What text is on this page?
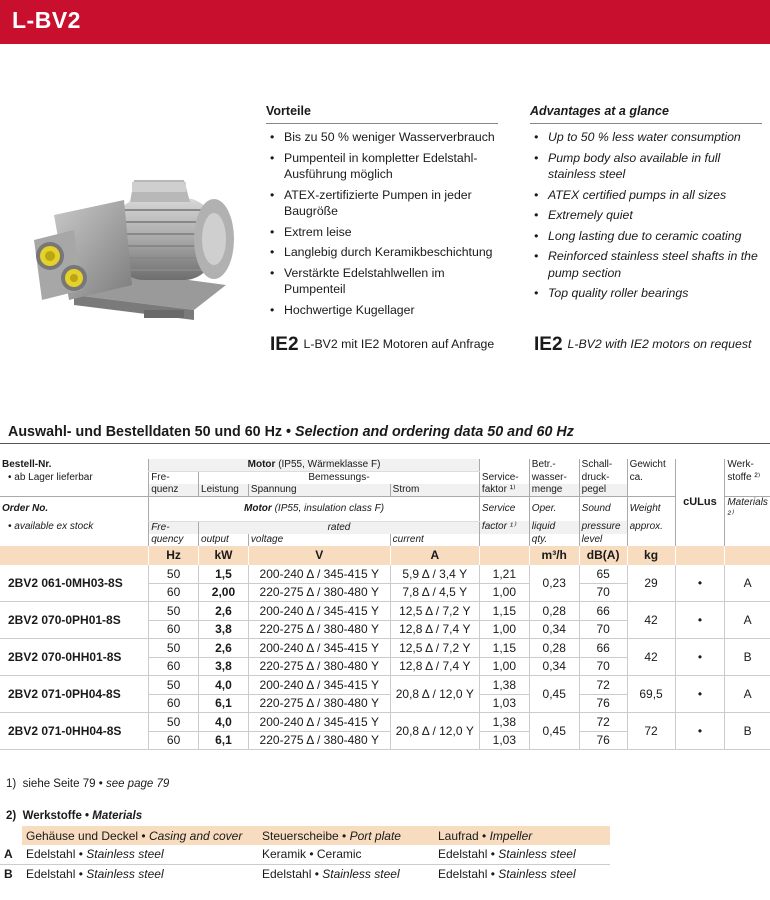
L-BV2
Vorteile
• Bis zu 50 % weniger Wasserverbrauch
• Pumpenteil in kompletter Edelstahl-Ausführung möglich
• ATEX-zertifizierte Pumpen in jeder Baugröße
• Extrem leise
• Langlebig durch Keramikbeschichtung
• Verstärkte Edelstahlwellen im Pumpenteil
• Hochwertige Kugellager
Advantages at a glance
• Up to 50 % less water consumption
• Pump body also available in full stainless steel
• ATEX certified pumps in all sizes
• Extremely quiet
• Long lasting due to ceramic coating
• Reinforced stainless steel shafts in the pump section
• Top quality roller bearings
IE2 L-BV2 mit IE2 Motoren auf Anfrage IE2 L-BV2 with IE2 motors on request
Auswahl- und Bestelldaten 50 und 60 Hz • Selection and ordering data 50 and 60 Hz
Bestell-Nr.	Motor (IP55, Wärmeklasse F)					Betr.-	Schall-	Gewicht		Werk-
• ab Lager lieferbar	Fre-	Bemessungs-			Service-	wasser-	druck-	ca.		stoffe ²⁾
	quenz	Leistung	Spannung	Strom	faktor ¹⁾	menge	pegel		cULus	
Order No.	Motor (IP55, insulation class F)				Service	Oper.	Sound	Weight		Materials ²⁾
• available ex stock	Fre-	rated			factor ¹⁾	liquid	pressure	approx.		
	quency	output	voltage	current		qty.	level			
	Hz	kW	V	A		m³/h	dB(A)	kg		
2BV2 061-0MH03-8S	50	1,5	200-240 Δ / 345-415 Y	5,9 Δ / 3,4 Y	1,21	0,23	65	29	•	A
	60	2,00	220-275 Δ / 380-480 Y	7,8 Δ / 4,5 Y	1,00		70			
2BV2 070-0PH01-8S	50	2,6	200-240 Δ / 345-415 Y	12,5 Δ / 7,2 Y	1,15	0,28	66	42	•	A
	60	3,8	220-275 Δ / 380-480 Y	12,8 Δ / 7,4 Y	1,00	0,34	70			
2BV2 070-0HH01-8S	50	2,6	200-240 Δ / 345-415 Y	12,5 Δ / 7,2 Y	1,15	0,28	66	42	•	B
	60	3,8	220-275 Δ / 380-480 Y	12,8 Δ / 7,4 Y	1,00	0,34	70			
2BV2 071-0PH04-8S	50	4,0	200-240 Δ / 345-415 Y	20,8 Δ / 12,0 Y	1,38	0,45	72	69,5	•	A
	60	6,1	220-275 Δ / 380-480 Y		1,03		76			
2BV2 071-0HH04-8S	50	4,0	200-240 Δ / 345-415 Y	20,8 Δ / 12,0 Y	1,38	0,45	72	72	•	B
	60	6,1	220-275 Δ / 380-480 Y		1,03		76			
1) siehe Seite 79 • see page 79
2) Werkstoffe • Materials
	Gehäuse und Deckel • Casing and cover	Steuerscheibe • Port plate	Laufrad • Impeller
A	Edelstahl • Stainless steel	Keramik • Ceramic	Edelstahl • Stainless steel
B	Edelstahl • Stainless steel	Edelstahl • Stainless steel	Edelstahl • Stainless steel
